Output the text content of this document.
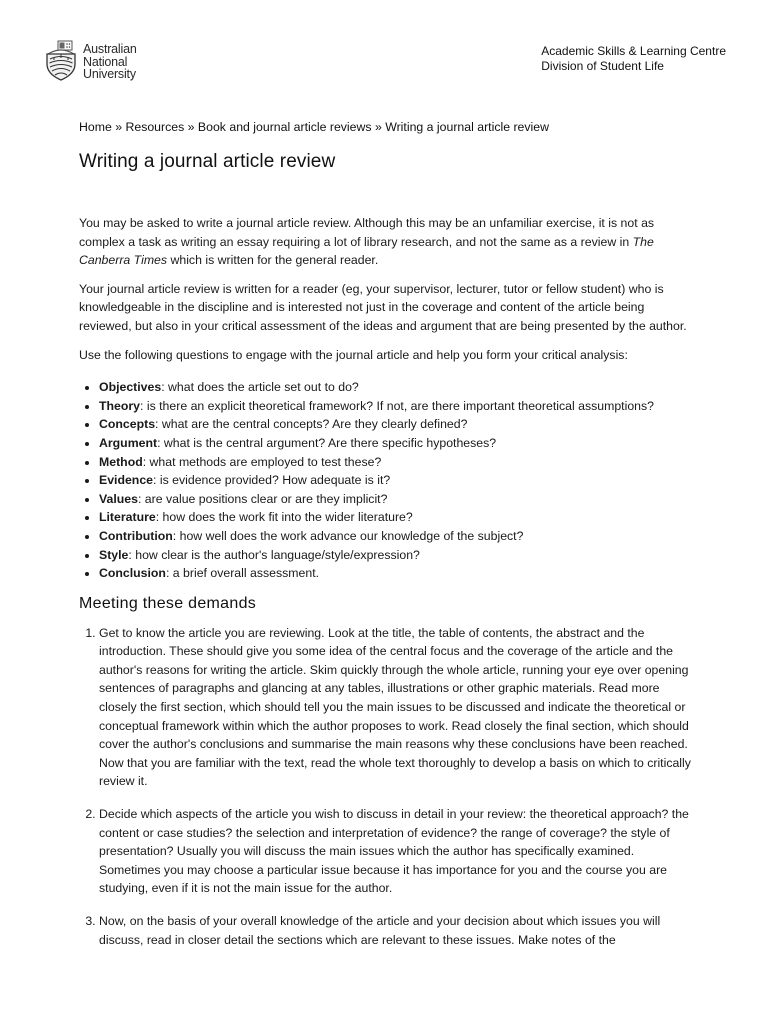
Australian
National
University
Academic Skills & Learning Centre
Division of Student Life
Home » Resources » Book and journal article reviews » Writing a journal article review
Writing a journal article review

You may be asked to write a journal article review. Although this may be an unfamiliar exercise, it is not as complex a task as writing an essay requiring a lot of library research, and not the same as a review in The Canberra Times which is written for the general reader.

Your journal article review is written for a reader (eg, your supervisor, lecturer, tutor or fellow student) who is knowledgeable in the discipline and is interested not just in the coverage and content of the article being reviewed, but also in your critical assessment of the ideas and argument that are being presented by the author.

Use the following questions to engage with the journal article and help you form your critical analysis:

• Objectives: what does the article set out to do?
• Theory: is there an explicit theoretical framework? If not, are there important theoretical assumptions?
• Concepts: what are the central concepts? Are they clearly defined?
• Argument: what is the central argument? Are there specific hypotheses?
• Method: what methods are employed to test these?
• Evidence: is evidence provided? How adequate is it?
• Values: are value positions clear or are they implicit?
• Literature: how does the work fit into the wider literature?
• Contribution: how well does the work advance our knowledge of the subject?
• Style: how clear is the author's language/style/expression?
• Conclusion: a brief overall assessment.
Meeting these demands
1. Get to know the article you are reviewing. Look at the title, the table of contents, the abstract and the introduction. These should give you some idea of the central focus and the coverage of the article and the author's reasons for writing the article. Skim quickly through the whole article, running your eye over opening sentences of paragraphs and glancing at any tables, illustrations or other graphic materials. Read more closely the first section, which should tell you the main issues to be discussed and indicate the theoretical or conceptual framework within which the author proposes to work. Read closely the final section, which should cover the author's conclusions and summarise the main reasons why these conclusions have been reached. Now that you are familiar with the text, read the whole text thoroughly to develop a basis on which to critically review it.
2. Decide which aspects of the article you wish to discuss in detail in your review: the theoretical approach? the content or case studies? the selection and interpretation of evidence? the range of coverage? the style of presentation? Usually you will discuss the main issues which the author has specifically examined. Sometimes you may choose a particular issue because it has importance for you and the course you are studying, even if it is not the main issue for the author.
3. Now, on the basis of your overall knowledge of the article and your decision about which issues you will discuss, read in closer detail the sections which are relevant to these issues. Make notes of the
